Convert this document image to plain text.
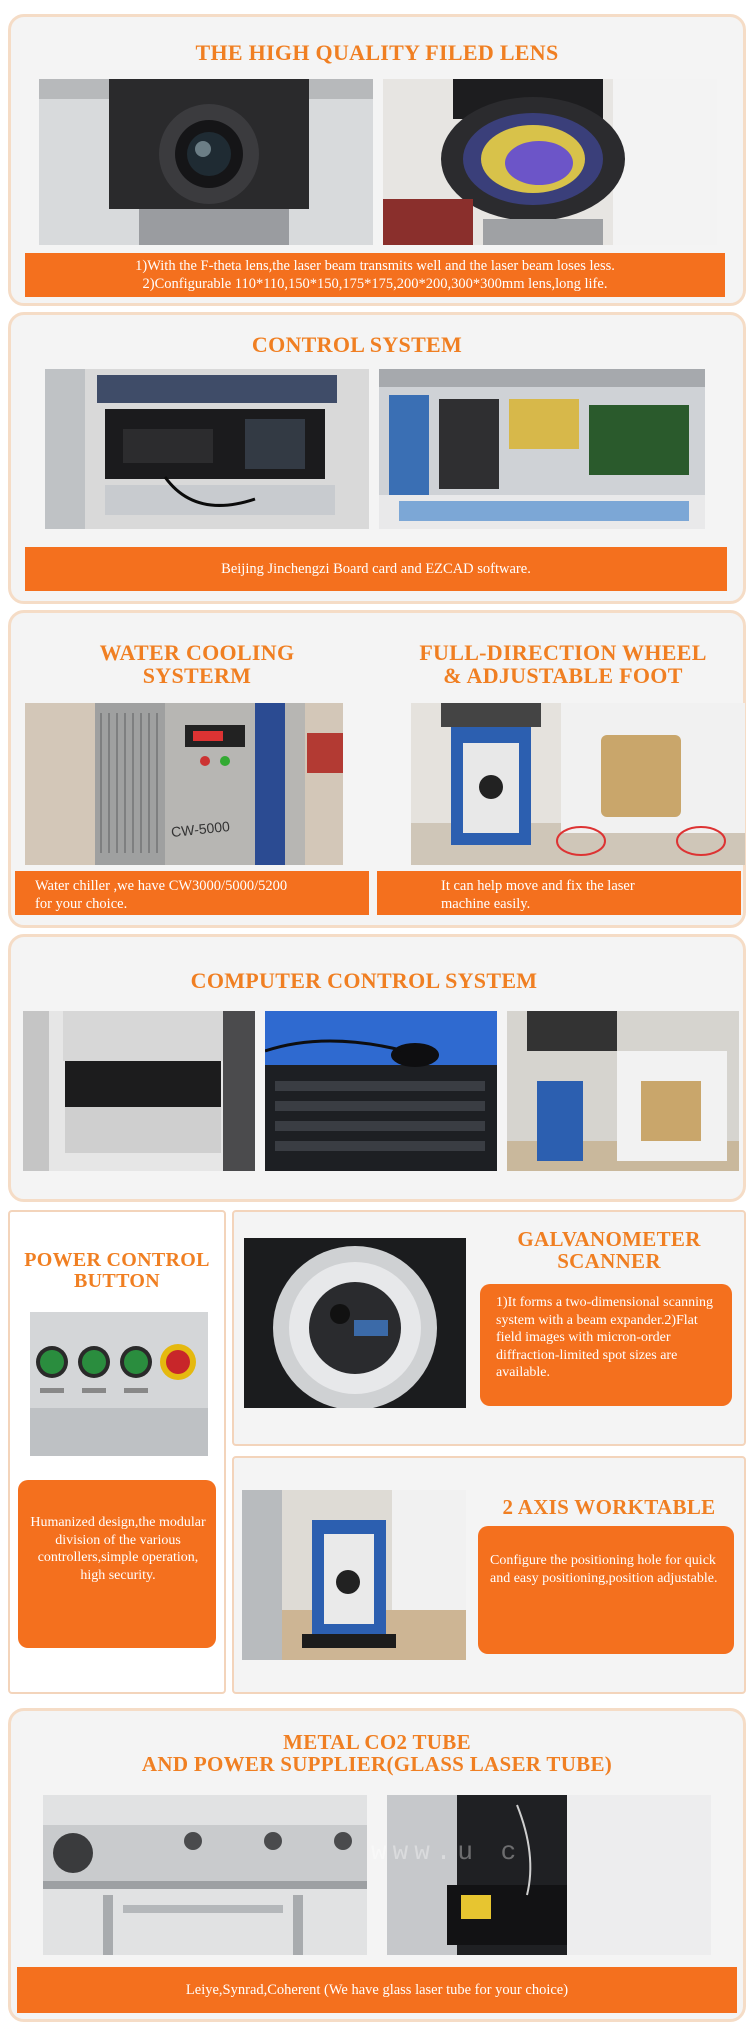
THE HIGH QUALITY FILED LENS
1)With the F-theta lens,the laser beam transmits well and the laser beam loses less.
2)Configurable 110*110,150*150,175*175,200*200,300*300mm lens,long life.
CONTROL SYSTEM
Beijing Jinchengzi Board card and EZCAD software.
WATER COOLING
SYSTERM
FULL-DIRECTION WHEEL
& ADJUSTABLE FOOT
CW-5000
Water chiller ,we have CW3000/5000/5200
for your choice.
It can help move and fix the laser
machine easily.
COMPUTER CONTROL SYSTEM
POWER CONTROL
BUTTON
Humanized design,the modular division of the various controllers,simple operation, high security.
GALVANOMETER
SCANNER
1)It forms a two-dimensional scanning system with a beam expander.2)Flat field images with micron-order diffraction-limited spot sizes are available.
2 AXIS WORKTABLE
Configure the positioning hole for quick and easy positioning,position adjustable.
METAL CO2 TUBE
AND POWER SUPPLIER(GLASS LASER TUBE)
www.u c
Leiye,Synrad,Coherent (We have glass laser tube for your choice)
